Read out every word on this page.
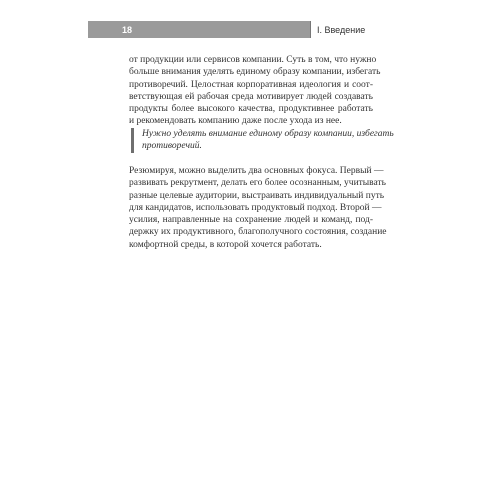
18	I. Введение
от продукции или сервисов компании. Суть в том, что нужно
больше внимания уделять единому образу компании, избегать
противоречий. Целостная корпоративная идеология и соот-
ветствующая ей рабочая среда мотивирует людей создавать
продукты более высокого качества, продуктивнее работать
и рекомендовать компанию даже после ухода из нее.
Нужно уделять внимание единому образу компании, избегать
противоречий.
Резюмируя, можно выделить два основных фокуса. Первый —
развивать рекрутмент, делать его более осознанным, учитывать
разные целевые аудитории, выстраивать индивидуальный путь
для кандидатов, использовать продуктовый подход. Второй —
усилия, направленные на сохранение людей и команд, под-
держку их продуктивного, благополучного состояния, создание
комфортной среды, в которой хочется работать.
